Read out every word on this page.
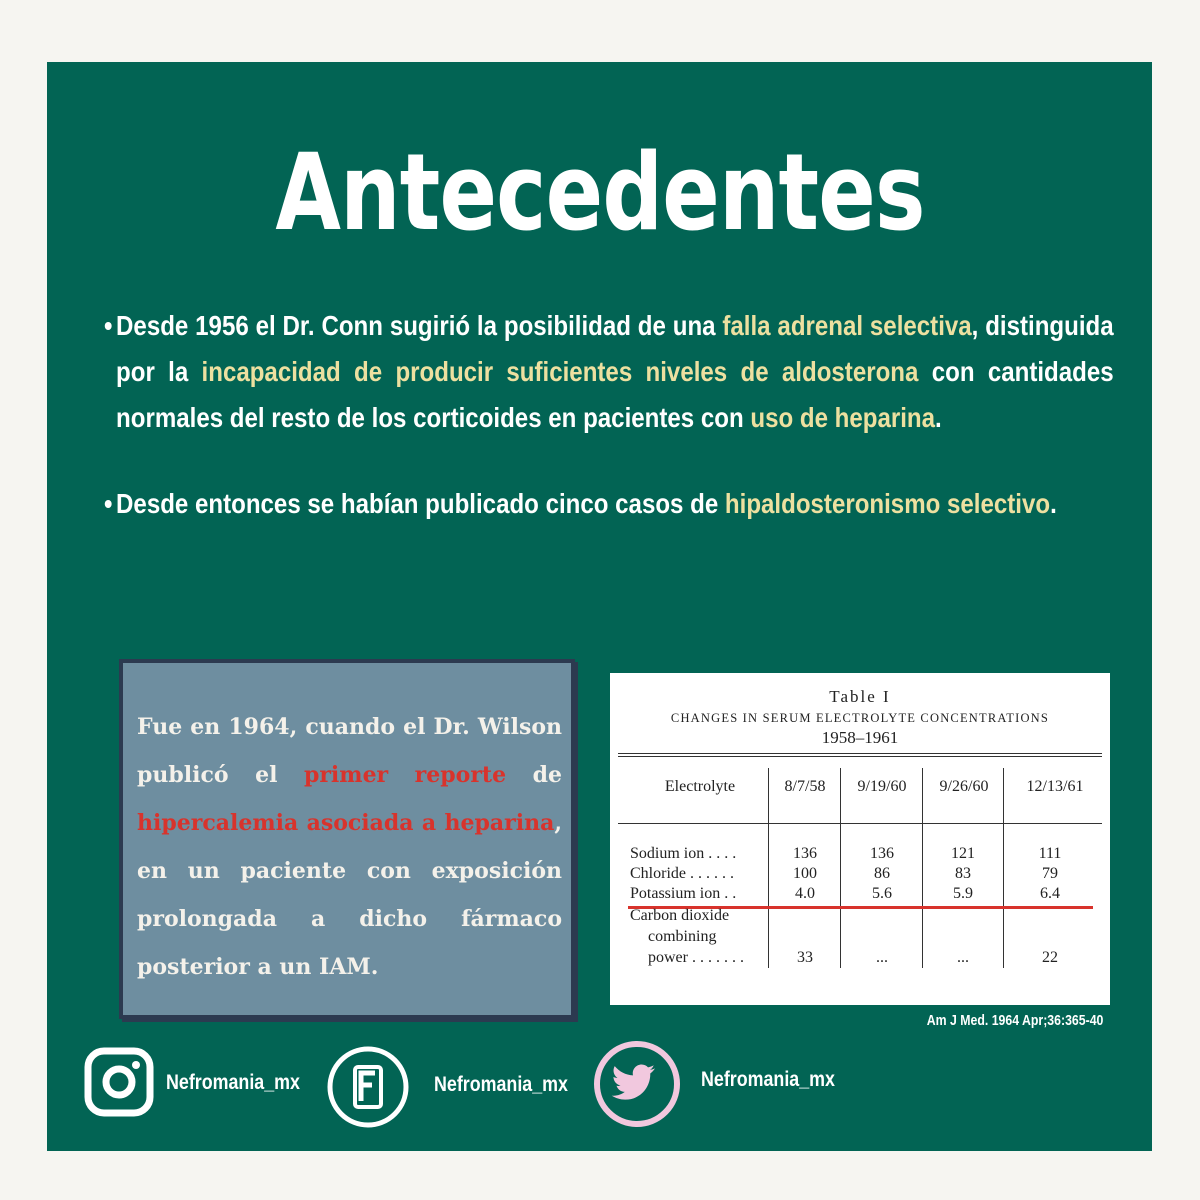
Antecedentes
• Desde 1956 el Dr. Conn sugirió la posibilidad de una falla adrenal selectiva, distinguida por la incapacidad de producir suficientes niveles de aldosterona con cantidades normales del resto de los corticoides en pacientes con uso de heparina.
• Desde entonces se habían publicado cinco casos de hipaldosteronismo selectivo.
Fue en 1964, cuando el Dr. Wilson publicó el primer reporte de hipercalemia asociada a heparina, en un paciente con exposición prolongada a dicho fármaco posterior a un IAM.
Table I
CHANGES IN SERUM ELECTROLYTE CONCENTRATIONS
1958–1961
Electrolyte	8/7/58	9/19/60	9/26/60	12/13/61
Sodium ion . . . .	136	136	121	111
Chloride . . . . . .	100	86	83	79
Potassium ion . .	4.0	5.6	5.9	6.4
Carbon dioxide
combining
power . . . . . . .	33	...	...	22
Am J Med. 1964 Apr;36:365-40
Nefromania_mx	Nefromania_mx	Nefromania_mx
